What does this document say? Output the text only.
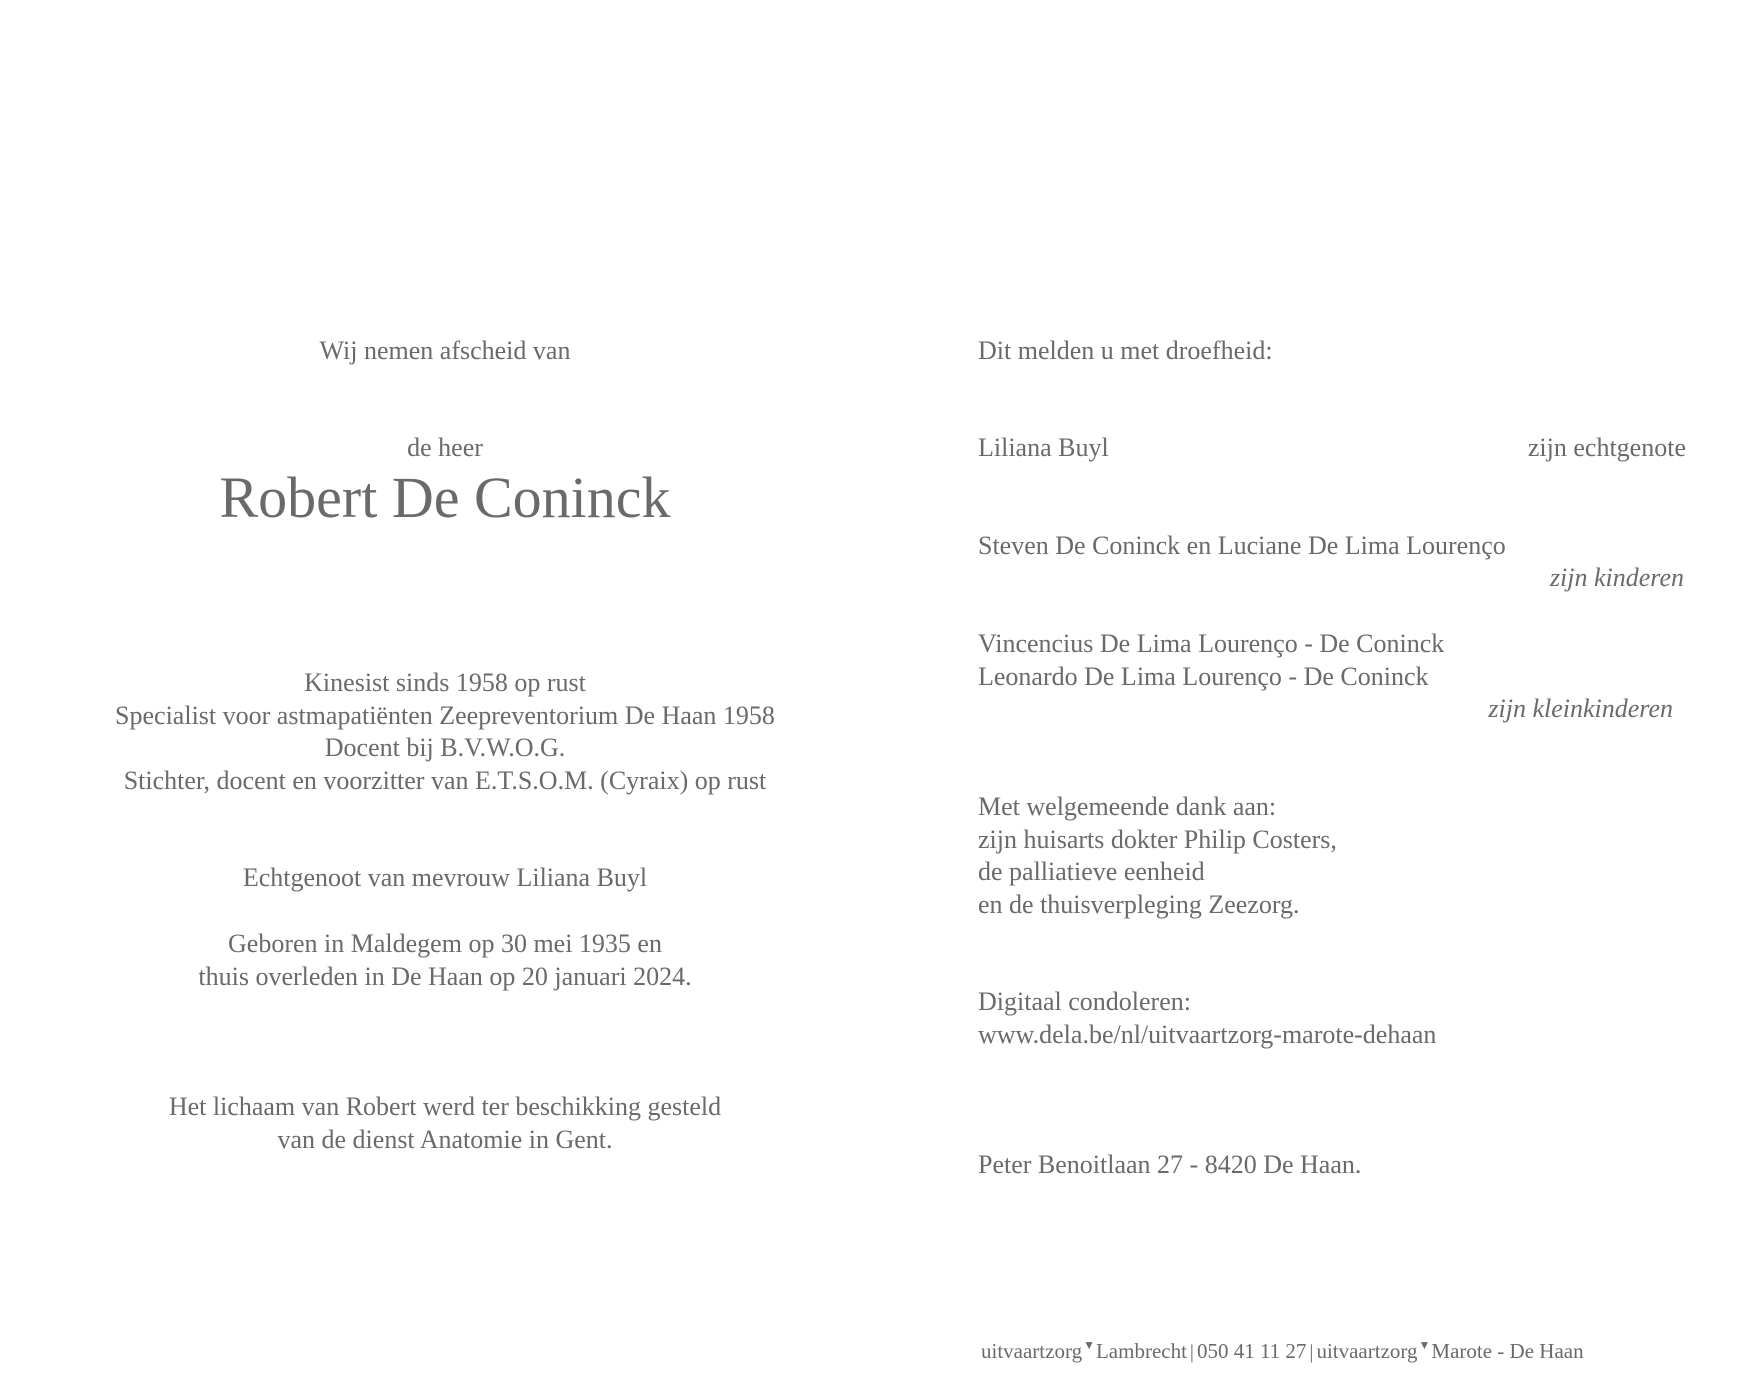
Wij nemen afscheid van
de heer
Robert De Coninck
Kinesist sinds 1958 op rust
Specialist voor astmapatiënten Zeepreventorium De Haan 1958
Docent bij B.V.W.O.G.
Stichter, docent en voorzitter van E.T.S.O.M. (Cyraix) op rust
Echtgenoot van mevrouw Liliana Buyl
Geboren in Maldegem op 30 mei 1935 en
thuis overleden in De Haan op 20 januari 2024.
Het lichaam van Robert werd ter beschikking gesteld
van de dienst Anatomie in Gent.
Dit melden u met droefheid:
Liliana Buyl	zijn echtgenote
Steven De Coninck en Luciane De Lima Lourenço
zijn kinderen
Vincencius De Lima Lourenço - De Coninck
Leonardo De Lima Lourenço - De Coninck
zijn kleinkinderen
Met welgemeende dank aan:
zijn huisarts dokter Philip Costers,
de palliatieve eenheid
en de thuisverpleging Zeezorg.
Digitaal condoleren:
www.dela.be/nl/uitvaartzorg-marote-dehaan
Peter Benoitlaan 27 - 8420 De Haan.
uitvaartzorg▼Lambrecht | 050 41 11 27 | uitvaartzorg▼Marote - De Haan
